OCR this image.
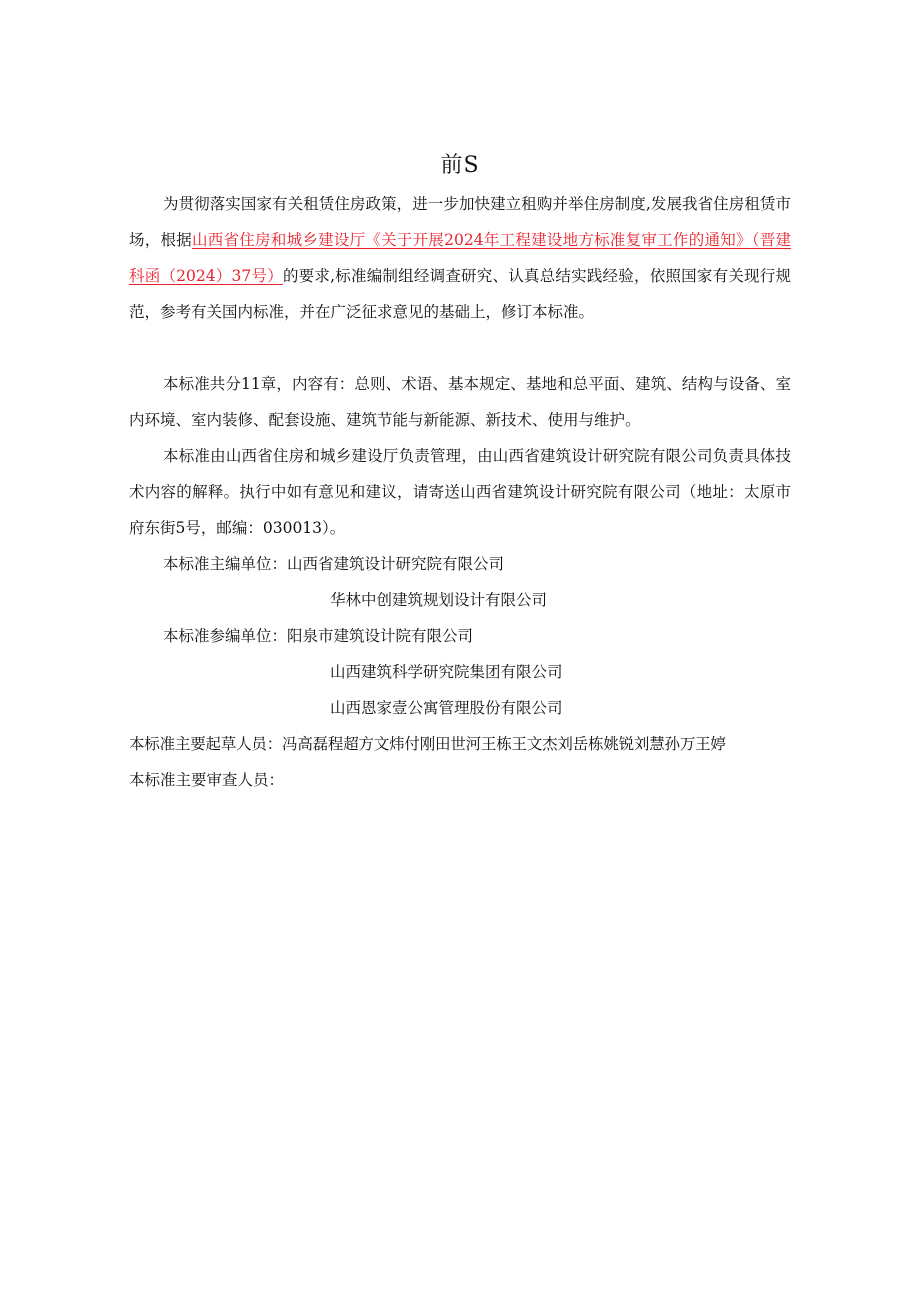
前S

为贯彻落实国家有关租赁住房政策，进一步加快建立租购并举住房制度,发展我省住房租赁市场，根据山西省住房和城乡建设厅《关于开展2024年工程建设地方标准复审工作的通知》（晋建科函（2024）37号）的要求,标准编制组经调查研究、认真总结实践经验，依照国家有关现行规范，参考有关国内标准，并在广泛征求意见的基础上，修订本标准。

本标准共分11章，内容有：总则、术语、基本规定、基地和总平面、建筑、结构与设备、室内环境、室内装修、配套设施、建筑节能与新能源、新技术、使用与维护。

本标准由山西省住房和城乡建设厅负责管理，由山西省建筑设计研究院有限公司负责具体技术内容的解释。执行中如有意见和建议，请寄送山西省建筑设计研究院有限公司（地址：太原市府东街5号，邮编：030013）。

本标准主编单位：山西省建筑设计研究院有限公司
华林中创建筑规划设计有限公司
本标准参编单位：阳泉市建筑设计院有限公司
山西建筑科学研究院集团有限公司
山西恩家壹公寓管理股份有限公司
本标准主要起草人员：冯高磊程超方文炜付刚田世河王栋王文杰刘岳栋姚锐刘慧孙万王婷
本标准主要审查人员：
